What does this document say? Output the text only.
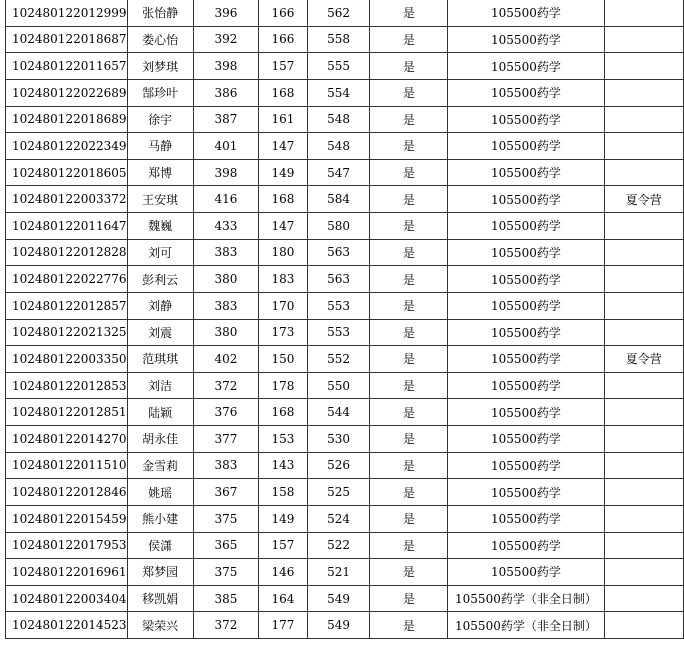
102480122012999	张怡静	396	166	562	是	105500药学	
102480122018687	娄心怡	392	166	558	是	105500药学	
102480122011657	刘梦琪	398	157	555	是	105500药学	
102480122022689	郜珍叶	386	168	554	是	105500药学	
102480122018689	徐宇	387	161	548	是	105500药学	
102480122022349	马静	401	147	548	是	105500药学	
102480122018605	郑博	398	149	547	是	105500药学	
102480122003372	王安琪	416	168	584	是	105500药学	夏令营
102480122011647	魏巍	433	147	580	是	105500药学	
102480122012828	刘可	383	180	563	是	105500药学	
102480122022776	彭利云	380	183	563	是	105500药学	
102480122012857	刘静	383	170	553	是	105500药学	
102480122021325	刘震	380	173	553	是	105500药学	
102480122003350	范琪琪	402	150	552	是	105500药学	夏令营
102480122012853	刘洁	372	178	550	是	105500药学	
102480122012851	陆颖	376	168	544	是	105500药学	
102480122014270	胡永佳	377	153	530	是	105500药学	
102480122011510	金雪莉	383	143	526	是	105500药学	
102480122012846	姚瑶	367	158	525	是	105500药学	
102480122015459	熊小建	375	149	524	是	105500药学	
102480122017953	侯潇	365	157	522	是	105500药学	
102480122016961	郑梦园	375	146	521	是	105500药学	
102480122003404	移凯娟	385	164	549	是	105500药学（非全日制）	
102480122014523	梁荣兴	372	177	549	是	105500药学（非全日制）	
